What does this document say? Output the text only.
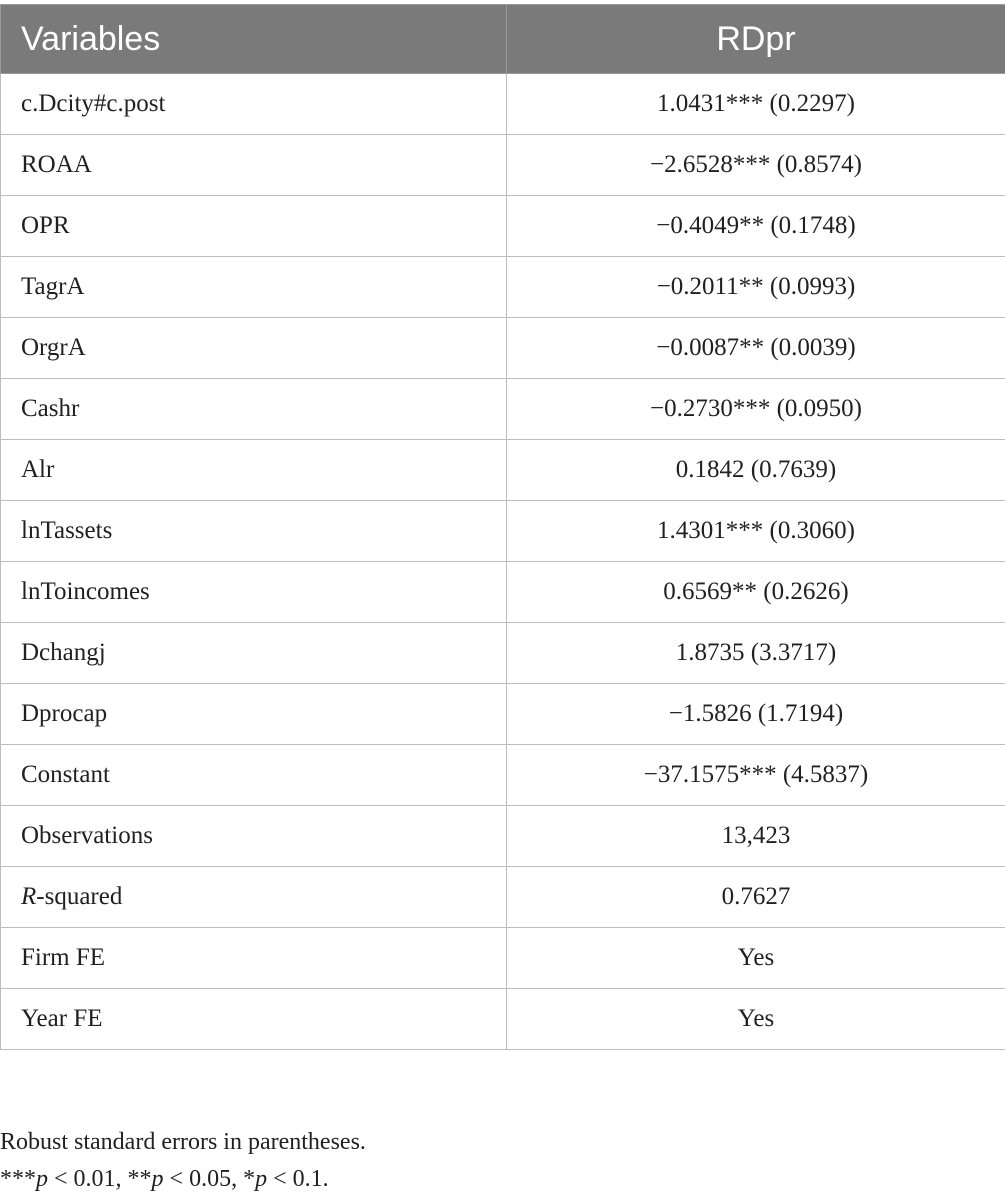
Variables	RDpr
c.Dcity#c.post	1.0431*** (0.2297)
ROAA	−2.6528*** (0.8574)
OPR	−0.4049** (0.1748)
TagrA	−0.2011** (0.0993)
OrgrA	−0.0087** (0.0039)
Cashr	−0.2730*** (0.0950)
Alr	0.1842 (0.7639)
lnTassets	1.4301*** (0.3060)
lnToincomes	0.6569** (0.2626)
Dchangj	1.8735 (3.3717)
Dprocap	−1.5826 (1.7194)
Constant	−37.1575*** (4.5837)
Observations	13,423
R-squared	0.7627
Firm FE	Yes
Year FE	Yes
Robust standard errors in parentheses.
***p < 0.01, **p < 0.05, *p < 0.1.
